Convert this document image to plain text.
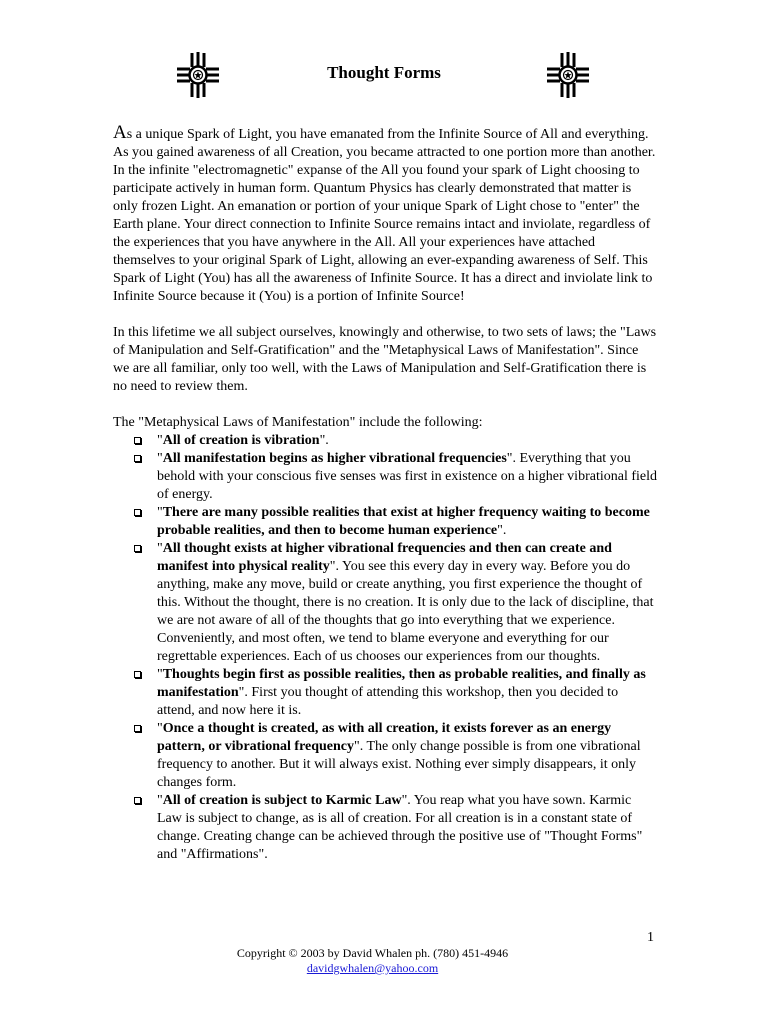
Thought Forms

As a unique Spark of Light, you have emanated from the Infinite Source of All and everything. As you gained awareness of all Creation, you became attracted to one portion more than another. In the infinite "electromagnetic" expanse of the All you found your spark of Light choosing to participate actively in human form. Quantum Physics has clearly demonstrated that matter is only frozen Light. An emanation or portion of your unique Spark of Light chose to "enter" the Earth plane. Your direct connection to Infinite Source remains intact and inviolate, regardless of the experiences that you have anywhere in the All. All your experiences have attached themselves to your original Spark of Light, allowing an ever-expanding awareness of Self. This Spark of Light (You) has all the awareness of Infinite Source. It has a direct and inviolate link to Infinite Source because it (You) is a portion of Infinite Source!

In this lifetime we all subject ourselves, knowingly and otherwise, to two sets of laws; the "Laws of Manipulation and Self-Gratification" and the "Metaphysical Laws of Manifestation". Since we are all familiar, only too well, with the Laws of Manipulation and Self-Gratification there is no need to review them.

The "Metaphysical Laws of Manifestation" include the following:

"All of creation is vibration".
"All manifestation begins as higher vibrational frequencies". Everything that you behold with your conscious five senses was first in existence on a higher vibrational field of energy.
"There are many possible realities that exist at higher frequency waiting to become probable realities, and then to become human experience".
"All thought exists at higher vibrational frequencies and then can create and manifest into physical reality". You see this every day in every way. Before you do anything, make any move, build or create anything, you first experience the thought of this. Without the thought, there is no creation. It is only due to the lack of discipline, that we are not aware of all of the thoughts that go into everything that we experience. Conveniently, and most often, we tend to blame everyone and everything for our regrettable experiences. Each of us chooses our experiences from our thoughts.
"Thoughts begin first as possible realities, then as probable realities, and finally as manifestation". First you thought of attending this workshop, then you decided to attend, and now here it is.
"Once a thought is created, as with all creation, it exists forever as an energy pattern, or vibrational frequency". The only change possible is from one vibrational frequency to another. But it will always exist. Nothing ever simply disappears, it only changes form.
"All of creation is subject to Karmic Law". You reap what you have sown. Karmic Law is subject to change, as is all of creation. For all creation is in a constant state of change. Creating change can be achieved through the positive use of "Thought Forms" and "Affirmations".
1
Copyright © 2003 by David Whalen ph. (780) 451-4946
davidgwhalen@yahoo.com
